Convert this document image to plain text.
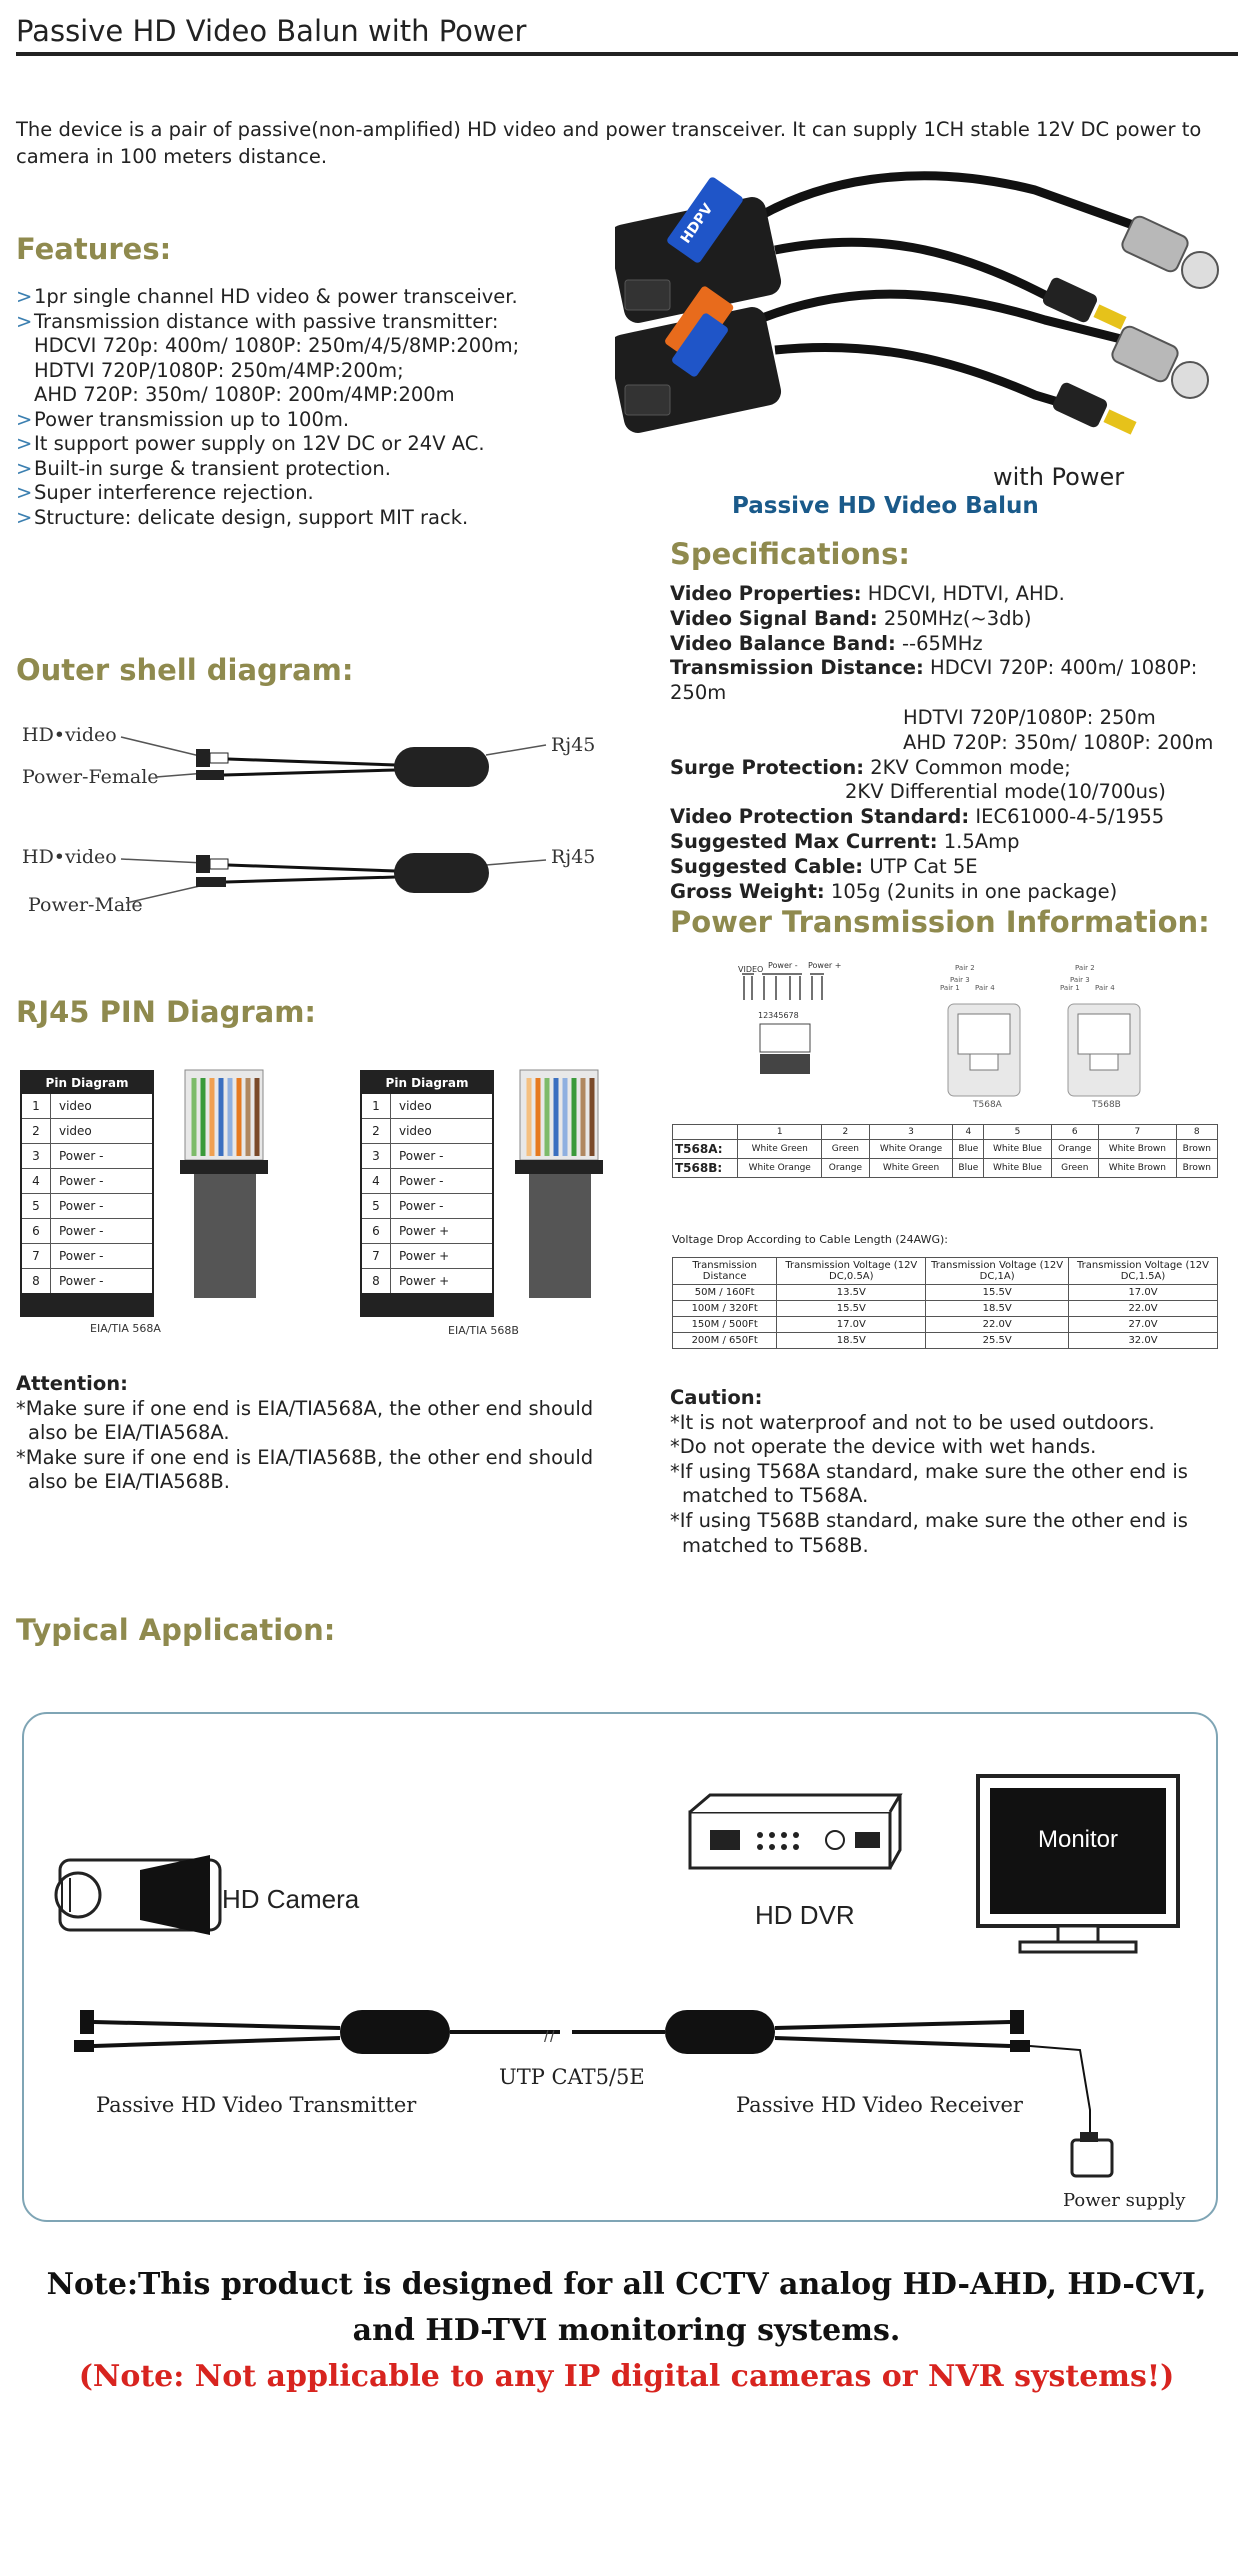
Passive HD Video Balun with Power
The device is a pair of passive(non-amplified) HD video and power transceiver. It can supply 1CH stable 12V DC power to camera in 100 meters distance.
Features:
> 1pr single channel HD video & power transceiver.
> Transmission distance with passive transmitter:
HDCVI 720p: 400m/ 1080P: 250m/4/5/8MP:200m;
HDTVI 720P/1080P: 250m/4MP:200m;
AHD 720P: 350m/ 1080P: 200m/4MP:200m
> Power transmission up to 100m.
> It support power supply on 12V DC or 24V AC.
> Built-in surge & transient protection.
> Super interference rejection.
> Structure: delicate design, support MIT rack.
HDPV
Passive HD Video Balun
with Power
Specifications:
Video Properties: HDCVI, HDTVI, AHD.
Video Signal Band: 250MHz(~3db)
Video Balance Band: --65MHz
Transmission Distance: HDCVI 720P: 400m/ 1080P: 250m
HDTVI 720P/1080P: 250m
AHD 720P: 350m/ 1080P: 200m
Surge Protection: 2KV Common mode;
2KV Differential mode(10/700us)
Video Protection Standard: IEC61000-4-5/1955
Suggested Max Current: 1.5Amp
Suggested Cable: UTP Cat 5E
Gross Weight: 105g (2units in one package)
Outer shell diagram:
HD•video
Power-Female
Rj45
HD•video
Power-Male
Rj45
Power Transmission Information:
VIDEO Power - Power +
12345678
Pair 2
Pair 3
Pair 1 Pair 4
Pair 2
Pair 3
Pair 1 Pair 4
T568A	T568B
	1	2	3	4	5	6	7	8
T568A:	White Green	Green	White Orange	Blue	White Blue	Orange	White Brown	Brown
T568B:	White Orange	Orange	White Green	Blue	White Blue	Green	White Brown	Brown
Voltage Drop According to Cable Length (24AWG):
Transmission Distance	Transmission Voltage (12V DC,0.5A)	Transmission Voltage (12V DC,1A)	Transmission Voltage (12V DC,1.5A)
50M / 160Ft	13.5V	15.5V	17.0V
100M / 320Ft	15.5V	18.5V	22.0V
150M / 500Ft	17.0V	22.0V	27.0V
200M / 650Ft	18.5V	25.5V	32.0V
RJ45 PIN Diagram:
Pin Diagram
1	video
2	video
3	Power -
4	Power -
5	Power -
6	Power -
7	Power -
8	Power -
EIA/TIA 568A
Pin Diagram
1	video
2	video
3	Power -
4	Power -
5	Power -
6	Power +
7	Power +
8	Power +
EIA/TIA 568B
Attention:
*Make sure if one end is EIA/TIA568A, the other end should
also be EIA/TIA568A.
*Make sure if one end is EIA/TIA568B, the other end should
also be EIA/TIA568B.
Caution:
*It is not waterproof and not to be used outdoors.
*Do not operate the device with wet hands.
*If using T568A standard, make sure the other end is
matched to T568A.
*If using T568B standard, make sure the other end is
matched to T568B.
Typical Application:
HD Camera
HD DVR
Monitor
/ /
UTP CAT5/5E
Passive HD Video Transmitter	Passive HD Video Receiver
Power supply
Note:This product is designed for all CCTV analog HD-AHD, HD-CVI,
and HD-TVI monitoring systems.
(Note: Not applicable to any IP digital cameras or NVR systems!)
